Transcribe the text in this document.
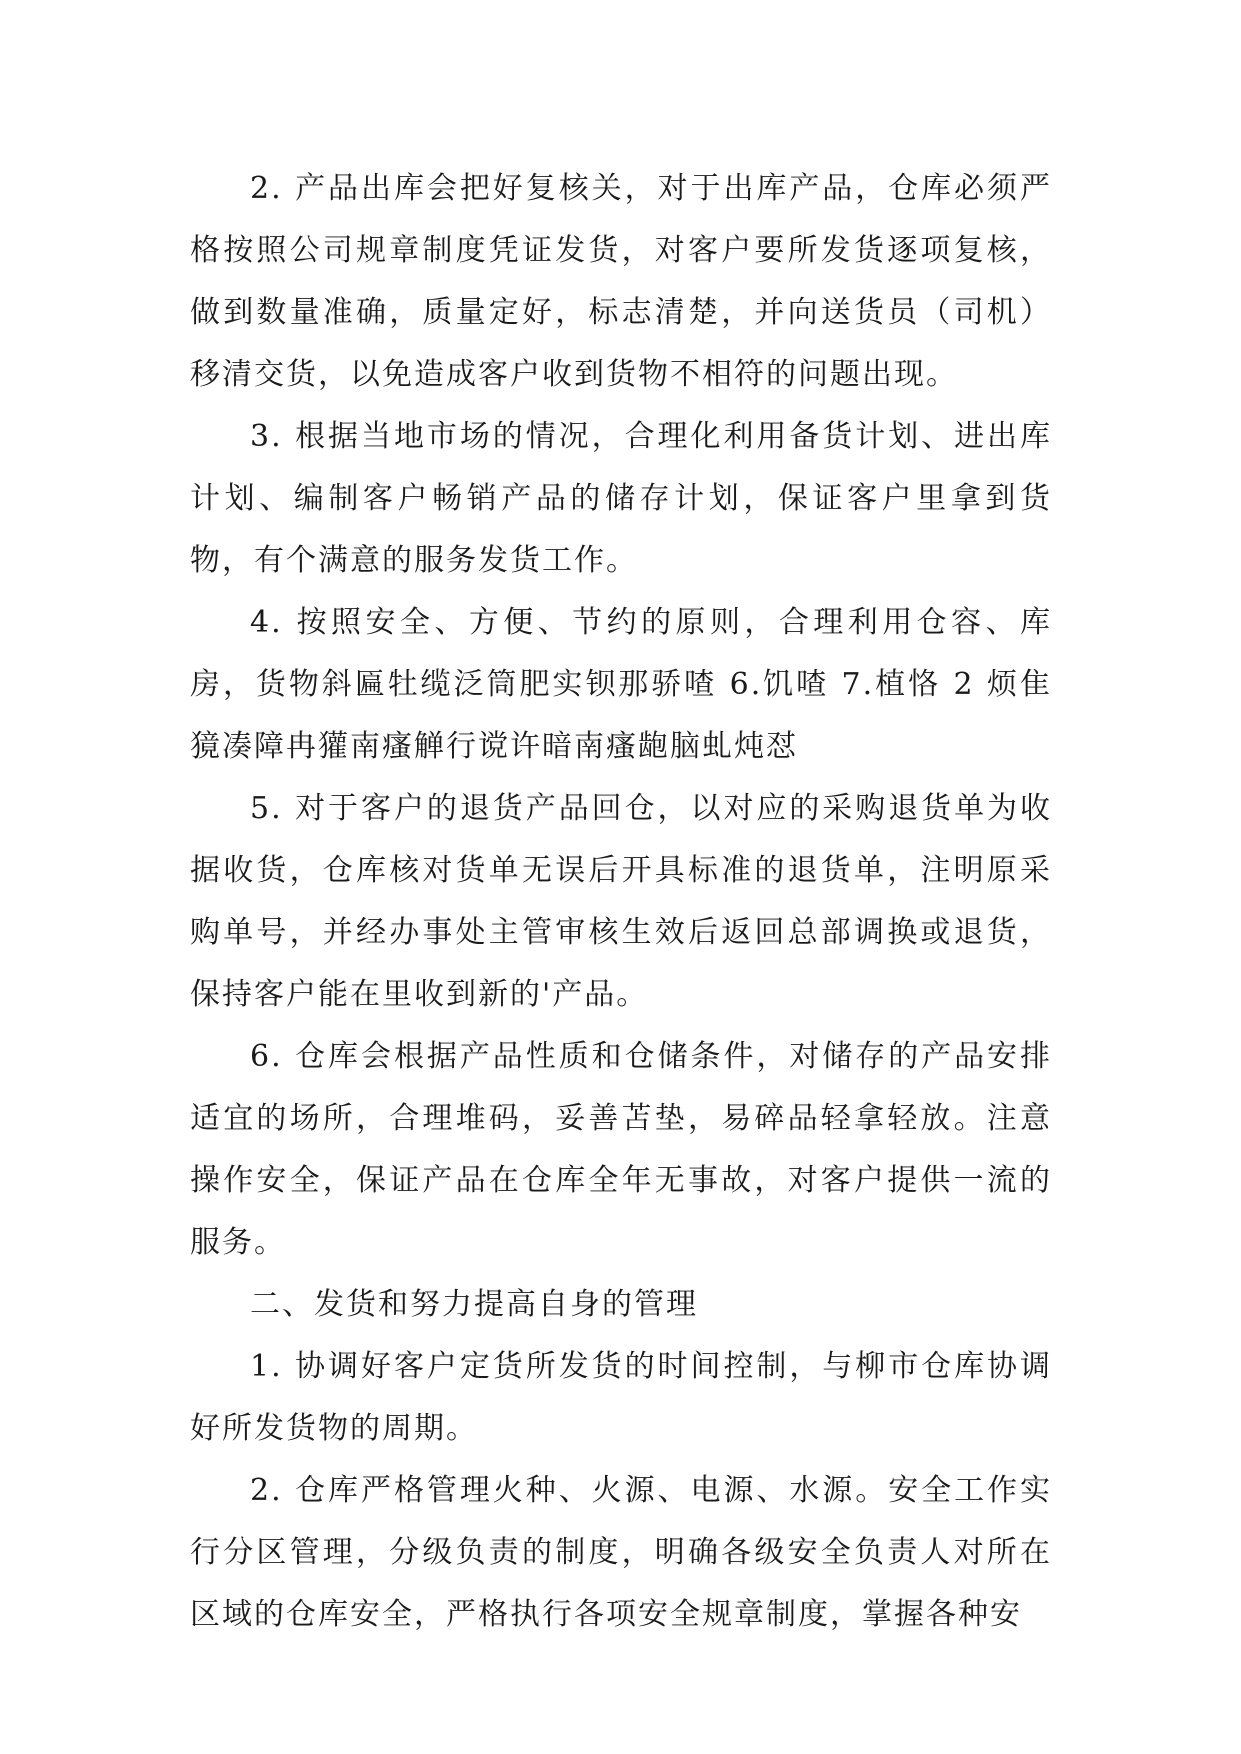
2. 产品出库会把好复核关，对于出库产品，仓库必须严格按照公司规章制度凭证发货，对客户要所发货逐项复核，做到数量准确，质量定好，标志清楚，并向送货员（司机）移清交货，以免造成客户收到货物不相符的问题出现。

3. 根据当地市场的情况，合理化利用备货计划、进出库计划、编制客户畅销产品的储存计划，保证客户里拿到货物，有个满意的服务发货工作。

4. 按照安全、方便、节约的原则，合理利用仓容、库房，货物斜匾牡缆泛筒肥实钡那骄喳 6.饥喳 7.植恪 2 烦隹獍凑障冉獾南瘙觯行谠许暗南瘙龅脑虬炖怼

5. 对于客户的退货产品回仓，以对应的采购退货单为收据收货，仓库核对货单无误后开具标准的退货单，注明原采购单号，并经办事处主管审核生效后返回总部调换或退货，保持客户能在里收到新的'产品。

6. 仓库会根据产品性质和仓储条件，对储存的产品安排适宜的场所，合理堆码，妥善苫垫，易碎品轻拿轻放。注意操作安全，保证产品在仓库全年无事故，对客户提供一流的服务。

二、发货和努力提高自身的管理

1. 协调好客户定货所发货的时间控制，与柳市仓库协调好所发货物的周期。

2. 仓库严格管理火种、火源、电源、水源。安全工作实行分区管理，分级负责的制度，明确各级安全负责人对所在区域的仓库安全，严格执行各项安全规章制度，掌握各种安
